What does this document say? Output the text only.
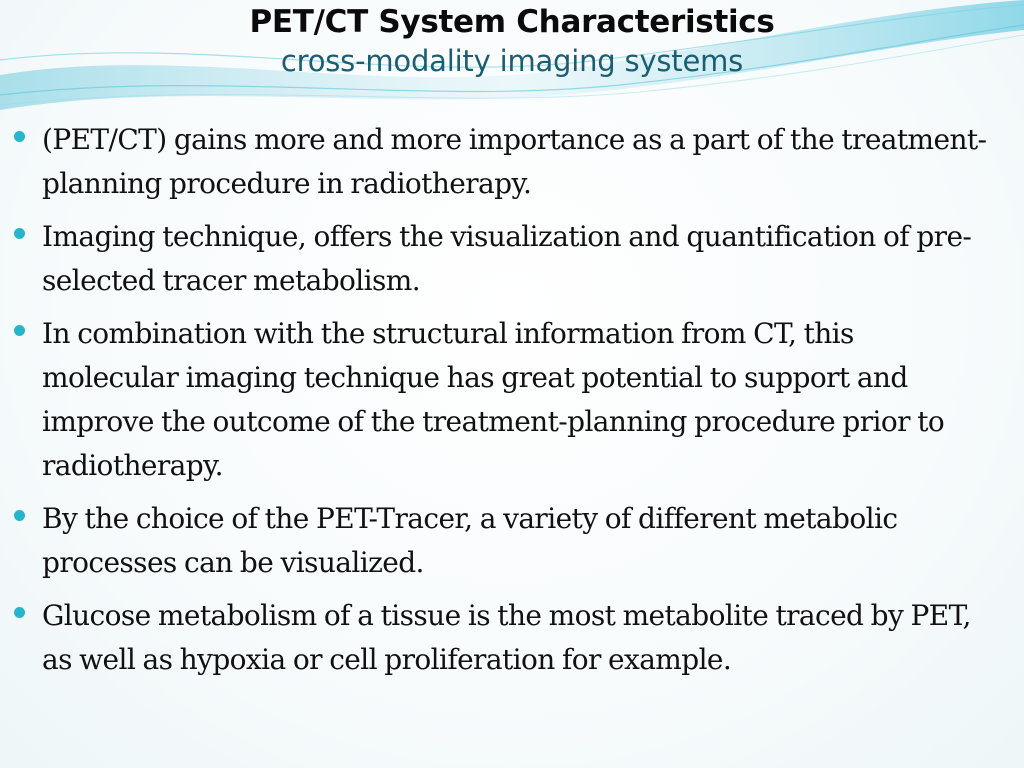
PET/CT System Characteristics
cross-modality imaging systems
(PET/CT) gains more and more importance as a part of the treatment-planning procedure in radiotherapy.
Imaging technique, offers the visualization and quantification of pre-selected tracer metabolism.
In combination with the structural information from CT, this molecular imaging technique has great potential to support and improve the outcome of the treatment-planning procedure prior to radiotherapy.
By the choice of the PET-Tracer, a variety of different metabolic processes can be visualized.
Glucose metabolism of a tissue is the most metabolite traced by PET, as well as hypoxia or cell proliferation for example.
